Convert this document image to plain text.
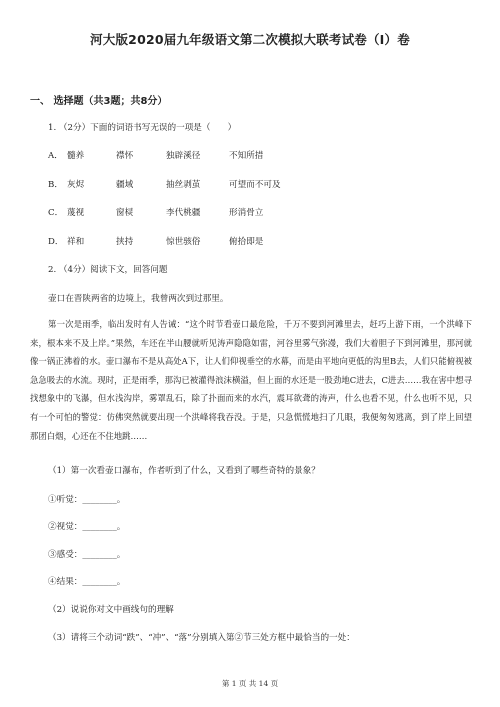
河大版2020届九年级语文第二次模拟大联考试卷（I）卷
一、 选择题（共3题；共8分）
1. （2分）下面的词语书写无误的一项是（　　）
A． 髓养	襟怀	独辟溪径	不知所措
B． 灰烬	疆域	抽丝剥茧	可望而不可及
C． 蔑视	窗棂	李代桃疆	形消骨立
D． 祥和	挟持	惊世骇俗	俯拾即是
2. （4分）阅读下文，回答问题
壶口在晋陕两省的边境上，我曾两次到过那里。
第一次是雨季，临出发时有人告诫：“这个时节看壶口最危险，千万不要到河滩里去，赶巧上游下雨，一个洪峰下来，根本来不及上岸。”果然，车还在半山腰就听见涛声隐隐如雷，河谷里雾气弥漫，我们大着胆子下到河滩里，那河就像一锅正沸着的水。壶口瀑布不是从高处A下，让人们仰视垂空的水幕，而是由平地向更低的沟里B去，人们只能俯视被急急吸去的水流。现时，正是雨季，那沟已被灌得浪沫横溢，但上面的水还是一股劲地C进去，C进去……我在害中想寻找想象中的飞瀑，但水浅沟岸，雾罩乱石，除了扑面而来的水汽，震耳欲聋的涛声，什么也看不见，什么也听不见，只有一个可怕的警觉：仿佛突然就要出现一个洪峰将我吞没。于是，只急慌慌地扫了几眼，我便匆匆逃离，到了岸上回望那团白烟，心还在不住地跳……
（1）第一次看壶口瀑布，作者听到了什么，又看到了哪些奇特的景象？
①听觉：________。
②视觉：________。
③感受：________。
④结果：________。
（2）说说你对文中画线句的理解
（3）请将三个动词“跌”、“冲”、“落”分别填入第②节三处方框中最恰当的一处：
第 1 页 共 14 页
